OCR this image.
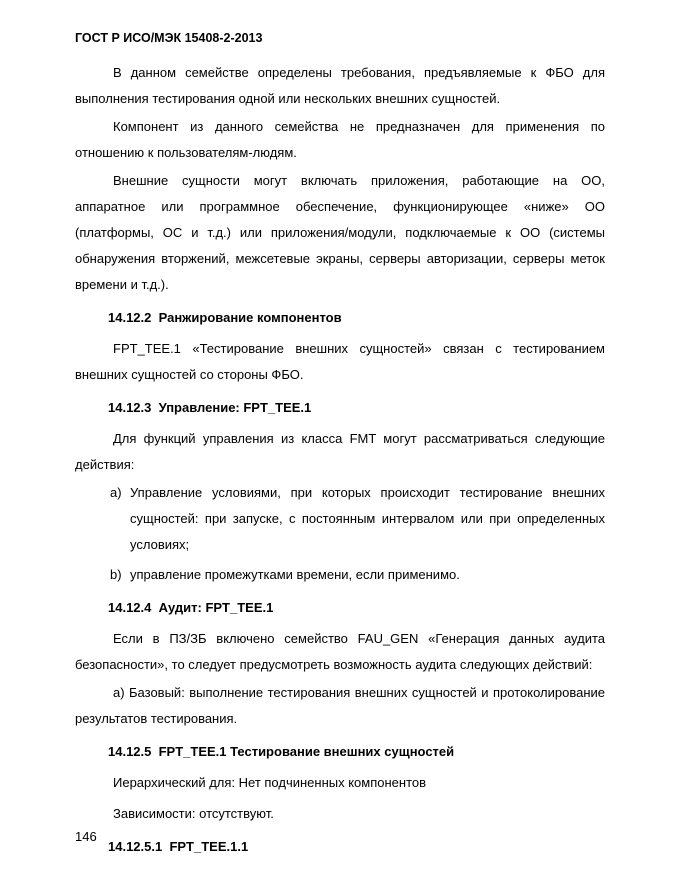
ГОСТ Р ИСО/МЭК 15408-2-2013

В данном семействе определены требования, предъявляемые к ФБО для выполнения тестирования одной или нескольких внешних сущностей.

Компонент из данного семейства не предназначен для применения по отношению к пользователям-людям.

Внешние сущности могут включать приложения, работающие на ОО, аппаратное или программное обеспечение, функционирующее «ниже» ОО (платформы, ОС и т.д.) или приложения/модули, подключаемые к ОО (системы обнаружения вторжений, межсетевые экраны, серверы авторизации, серверы меток времени и т.д.).

14.12.2  Ранжирование компонентов

FPT_TEE.1 «Тестирование внешних сущностей» связан с тестированием внешних сущностей со стороны ФБО.

14.12.3  Управление: FPT_TEE.1

Для функций управления из класса FMT могут рассматриваться следующие действия:

a) Управление условиями, при которых происходит тестирование внешних сущностей: при запуске, с постоянным интервалом или при определенных условиях;
b) управление промежутками времени, если применимо.
14.12.4  Аудит: FPT_TEE.1

Если в ПЗ/ЗБ включено семейство FAU_GEN «Генерация данных аудита безопасности», то следует предусмотреть возможность аудита следующих действий:

a) Базовый: выполнение тестирования внешних сущностей и протоколирование результатов тестирования.

14.12.5  FPT_TEE.1 Тестирование внешних сущностей

Иерархический для: Нет подчиненных компонентов

Зависимости: отсутствуют.

14.12.5.1  FPT_TEE.1.1
146
